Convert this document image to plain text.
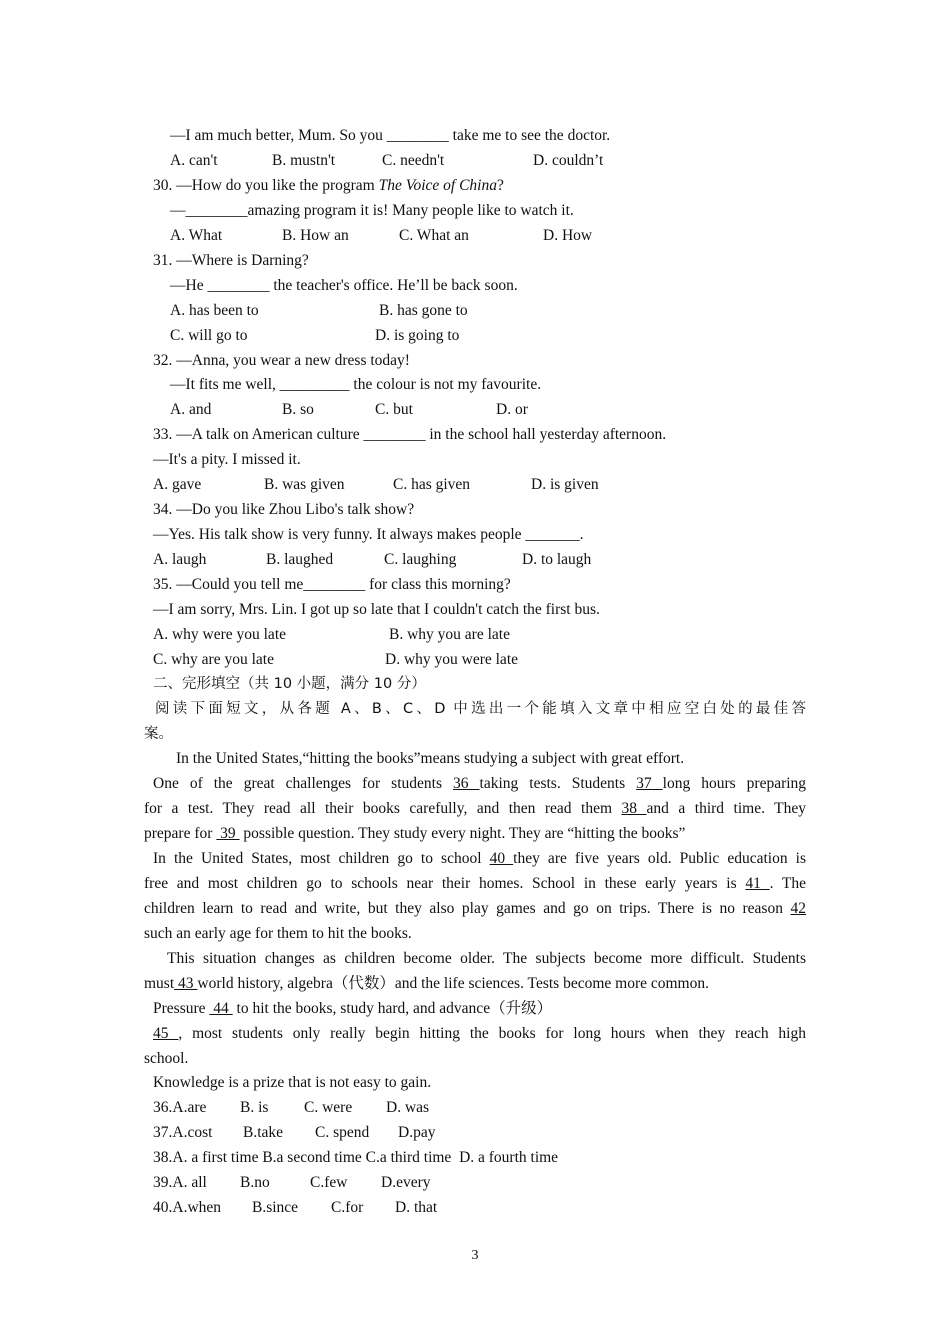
—I am much better, Mum. So you ________ take me to see the doctor.
A. can't	B. mustn't	C. needn't	D. couldn’t
30. —How do you like the program The Voice of China?
—________amazing program it is! Many people like to watch it.
A. What	B. How an	C. What an	D. How
31. —Where is Darning?
—He ________ the teacher's office. He’ll be back soon.
A. has been to	B. has gone to
C. will go to	D. is going to
32. —Anna, you wear a new dress today!
—It fits me well, _________ the colour is not my favourite.
A. and	B. so	C. but	D. or
33. —A talk on American culture ________ in the school hall yesterday afternoon.
—It's a pity. I missed it.
A. gave	B. was given	C. has given	D. is given
34. —Do you like Zhou Libo's talk show?
—Yes. His talk show is very funny. It always makes people _______.
A. laugh	B. laughed	C. laughing	D. to laugh
35. —Could you tell me________ for class this morning?
—I am sorry, Mrs. Lin. I got up so late that I couldn't catch the first bus.
A. why were you late	B. why you are late
C. why are you late	D. why you were late
二、完形填空（共 10 小题，满分 10 分）
阅读下面短文，从各题 A、B、C、D 中选出一个能填入文章中相应空白处的最佳答
案。
In the United States,“hitting the books”means studying a subject with great effort.
One of the great challenges for students 36 taking tests. Students 37 long hours preparing
for a test. They read all their books carefully, and then read them 38 and a third time. They
prepare for  39  possible question. They study every night. They are “hitting the books”
In the United States, most children go to school 40 they are five years old. Public education is
free and most children go to schools near their homes. School in these early years is 41 . The
children learn to read and write, but they also play games and go on trips. There is no reason 42
such an early age for them to hit the books.
This situation changes as children become older. The subjects become more difficult. Students
must 43 world history, algebra（代数）and the life sciences. Tests become more common.
Pressure  44  to hit the books, study hard, and advance（升级）
45 , most students only really begin hitting the books for long hours when they reach high
school.
Knowledge is a prize that is not easy to gain.
36.A.are B. is C. were D. was
37.A.cost B.take C. spend D.pay
38.A. a first time B.a second time C.a third time  D. a fourth time
39.A. all B.no	C.few D.every
40.A.when B.since C.for D. that
3
